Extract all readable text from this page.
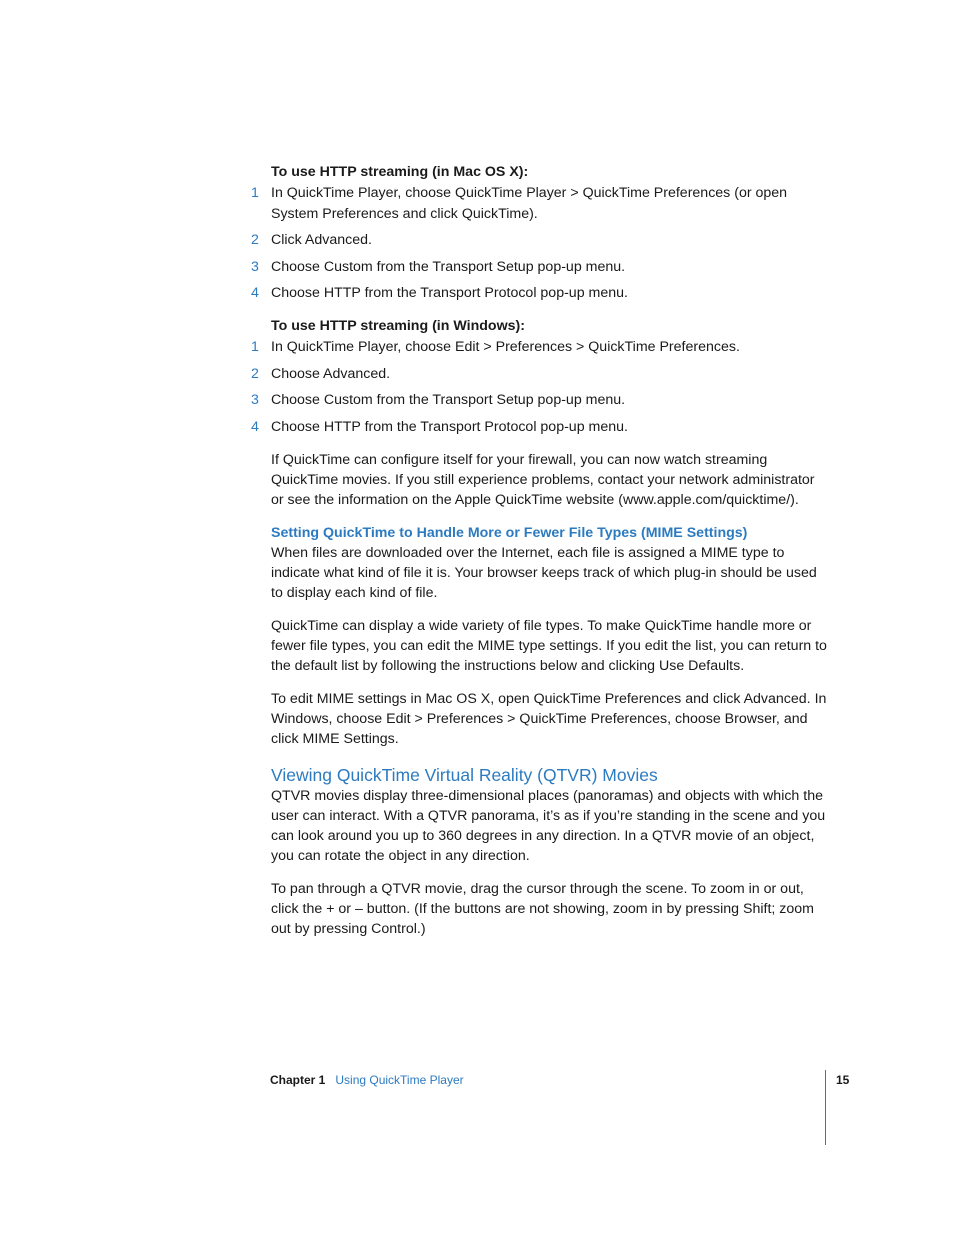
To use HTTP streaming (in Mac OS X):
1 In QuickTime Player, choose QuickTime Player > QuickTime Preferences (or open System Preferences and click QuickTime).
2 Click Advanced.
3 Choose Custom from the Transport Setup pop-up menu.
4 Choose HTTP from the Transport Protocol pop-up menu.
To use HTTP streaming (in Windows):
1 In QuickTime Player, choose Edit > Preferences > QuickTime Preferences.
2 Choose Advanced.
3 Choose Custom from the Transport Setup pop-up menu.
4 Choose HTTP from the Transport Protocol pop-up menu.

If QuickTime can configure itself for your firewall, you can now watch streaming QuickTime movies. If you still experience problems, contact your network administrator or see the information on the Apple QuickTime website (www.apple.com/quicktime/).

Setting QuickTime to Handle More or Fewer File Types (MIME Settings)

When files are downloaded over the Internet, each file is assigned a MIME type to indicate what kind of file it is. Your browser keeps track of which plug-in should be used to display each kind of file.

QuickTime can display a wide variety of file types. To make QuickTime handle more or fewer file types, you can edit the MIME type settings. If you edit the list, you can return to the default list by following the instructions below and clicking Use Defaults.

To edit MIME settings in Mac OS X, open QuickTime Preferences and click Advanced. In Windows, choose Edit > Preferences > QuickTime Preferences, choose Browser, and click MIME Settings.

Viewing QuickTime Virtual Reality (QTVR) Movies

QTVR movies display three-dimensional places (panoramas) and objects with which the user can interact. With a QTVR panorama, it’s as if you’re standing in the scene and you can look around you up to 360 degrees in any direction. In a QTVR movie of an object, you can rotate the object in any direction.

To pan through a QTVR movie, drag the cursor through the scene. To zoom in or out, click the + or – button. (If the buttons are not showing, zoom in by pressing Shift; zoom out by pressing Control.)

Chapter 1 Using QuickTime Player	15
